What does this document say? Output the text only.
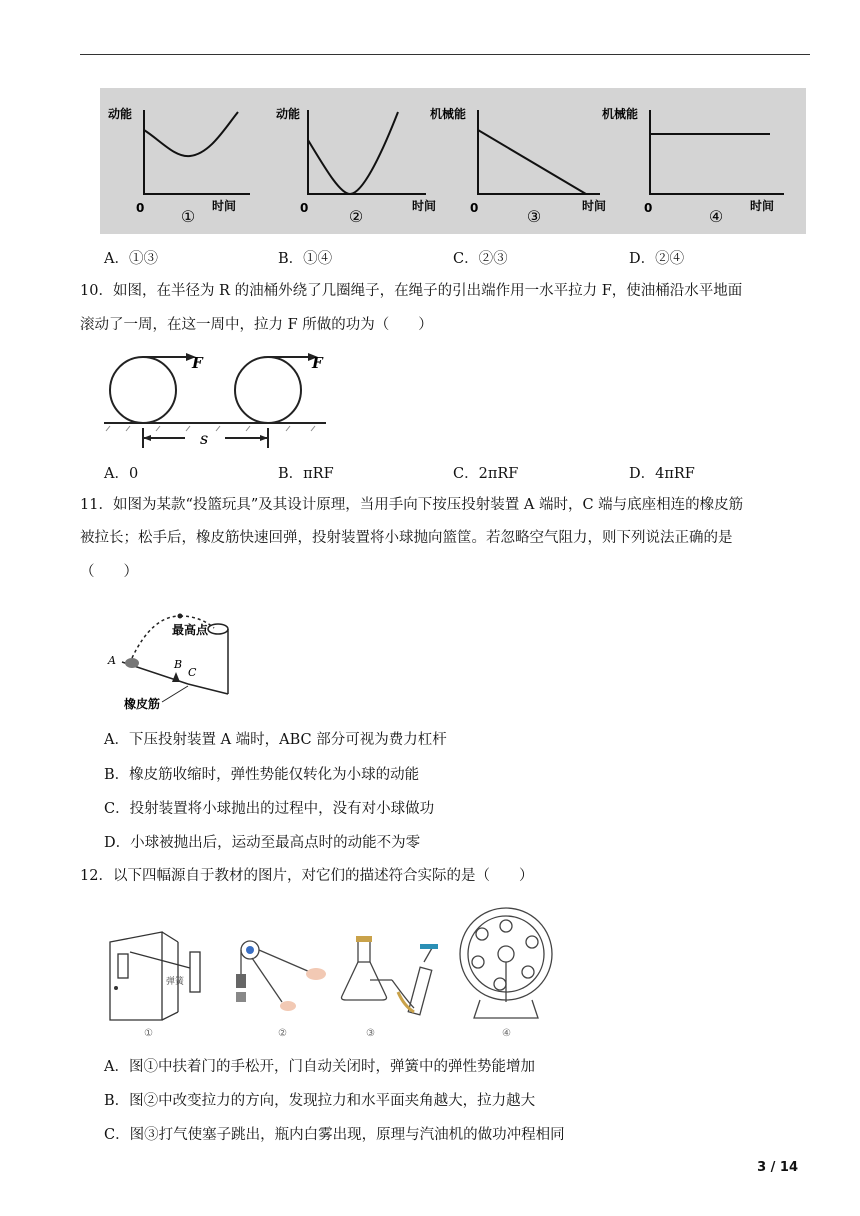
动能
时间
0 ①
动能
时间
0	②
机械能
时间
0	③
机械能
时间
0	④
A．①③	B．①④	C．②③	D．②④
10．如图，在半径为 R 的油桶外绕了几圈绳子，在绳子的引出端作用一水平拉力 F，使油桶沿水平地面
滚动了一周，在这一周中，拉力 F 所做的功为（　　）
F	F
s
A．0	B．πRF	C．2πRF	D．4πRF
11．如图为某款“投篮玩具”及其设计原理，当用手向下按压投射装置 A 端时，C 端与底座相连的橡皮筋
被拉长；松手后，橡皮筋快速回弹，投射装置将小球抛向篮筐。若忽略空气阻力，则下列说法正确的是
（　　）
最高点
A	B
C
橡皮筋
A．下压投射装置 A 端时，ABC 部分可视为费力杠杆
B．橡皮筋收缩时，弹性势能仅转化为小球的动能
C．投射装置将小球抛出的过程中，没有对小球做功
D．小球被抛出后，运动至最高点时的动能不为零
12．以下四幅源自于教材的图片，对它们的描述符合实际的是（　　）
弹簧
①	②	③	④
A．图①中扶着门的手松开，门自动关闭时，弹簧中的弹性势能增加
B．图②中改变拉力的方向，发现拉力和水平面夹角越大，拉力越大
C．图③打气使塞子跳出，瓶内白雾出现，原理与汽油机的做功冲程相同
3 / 14
